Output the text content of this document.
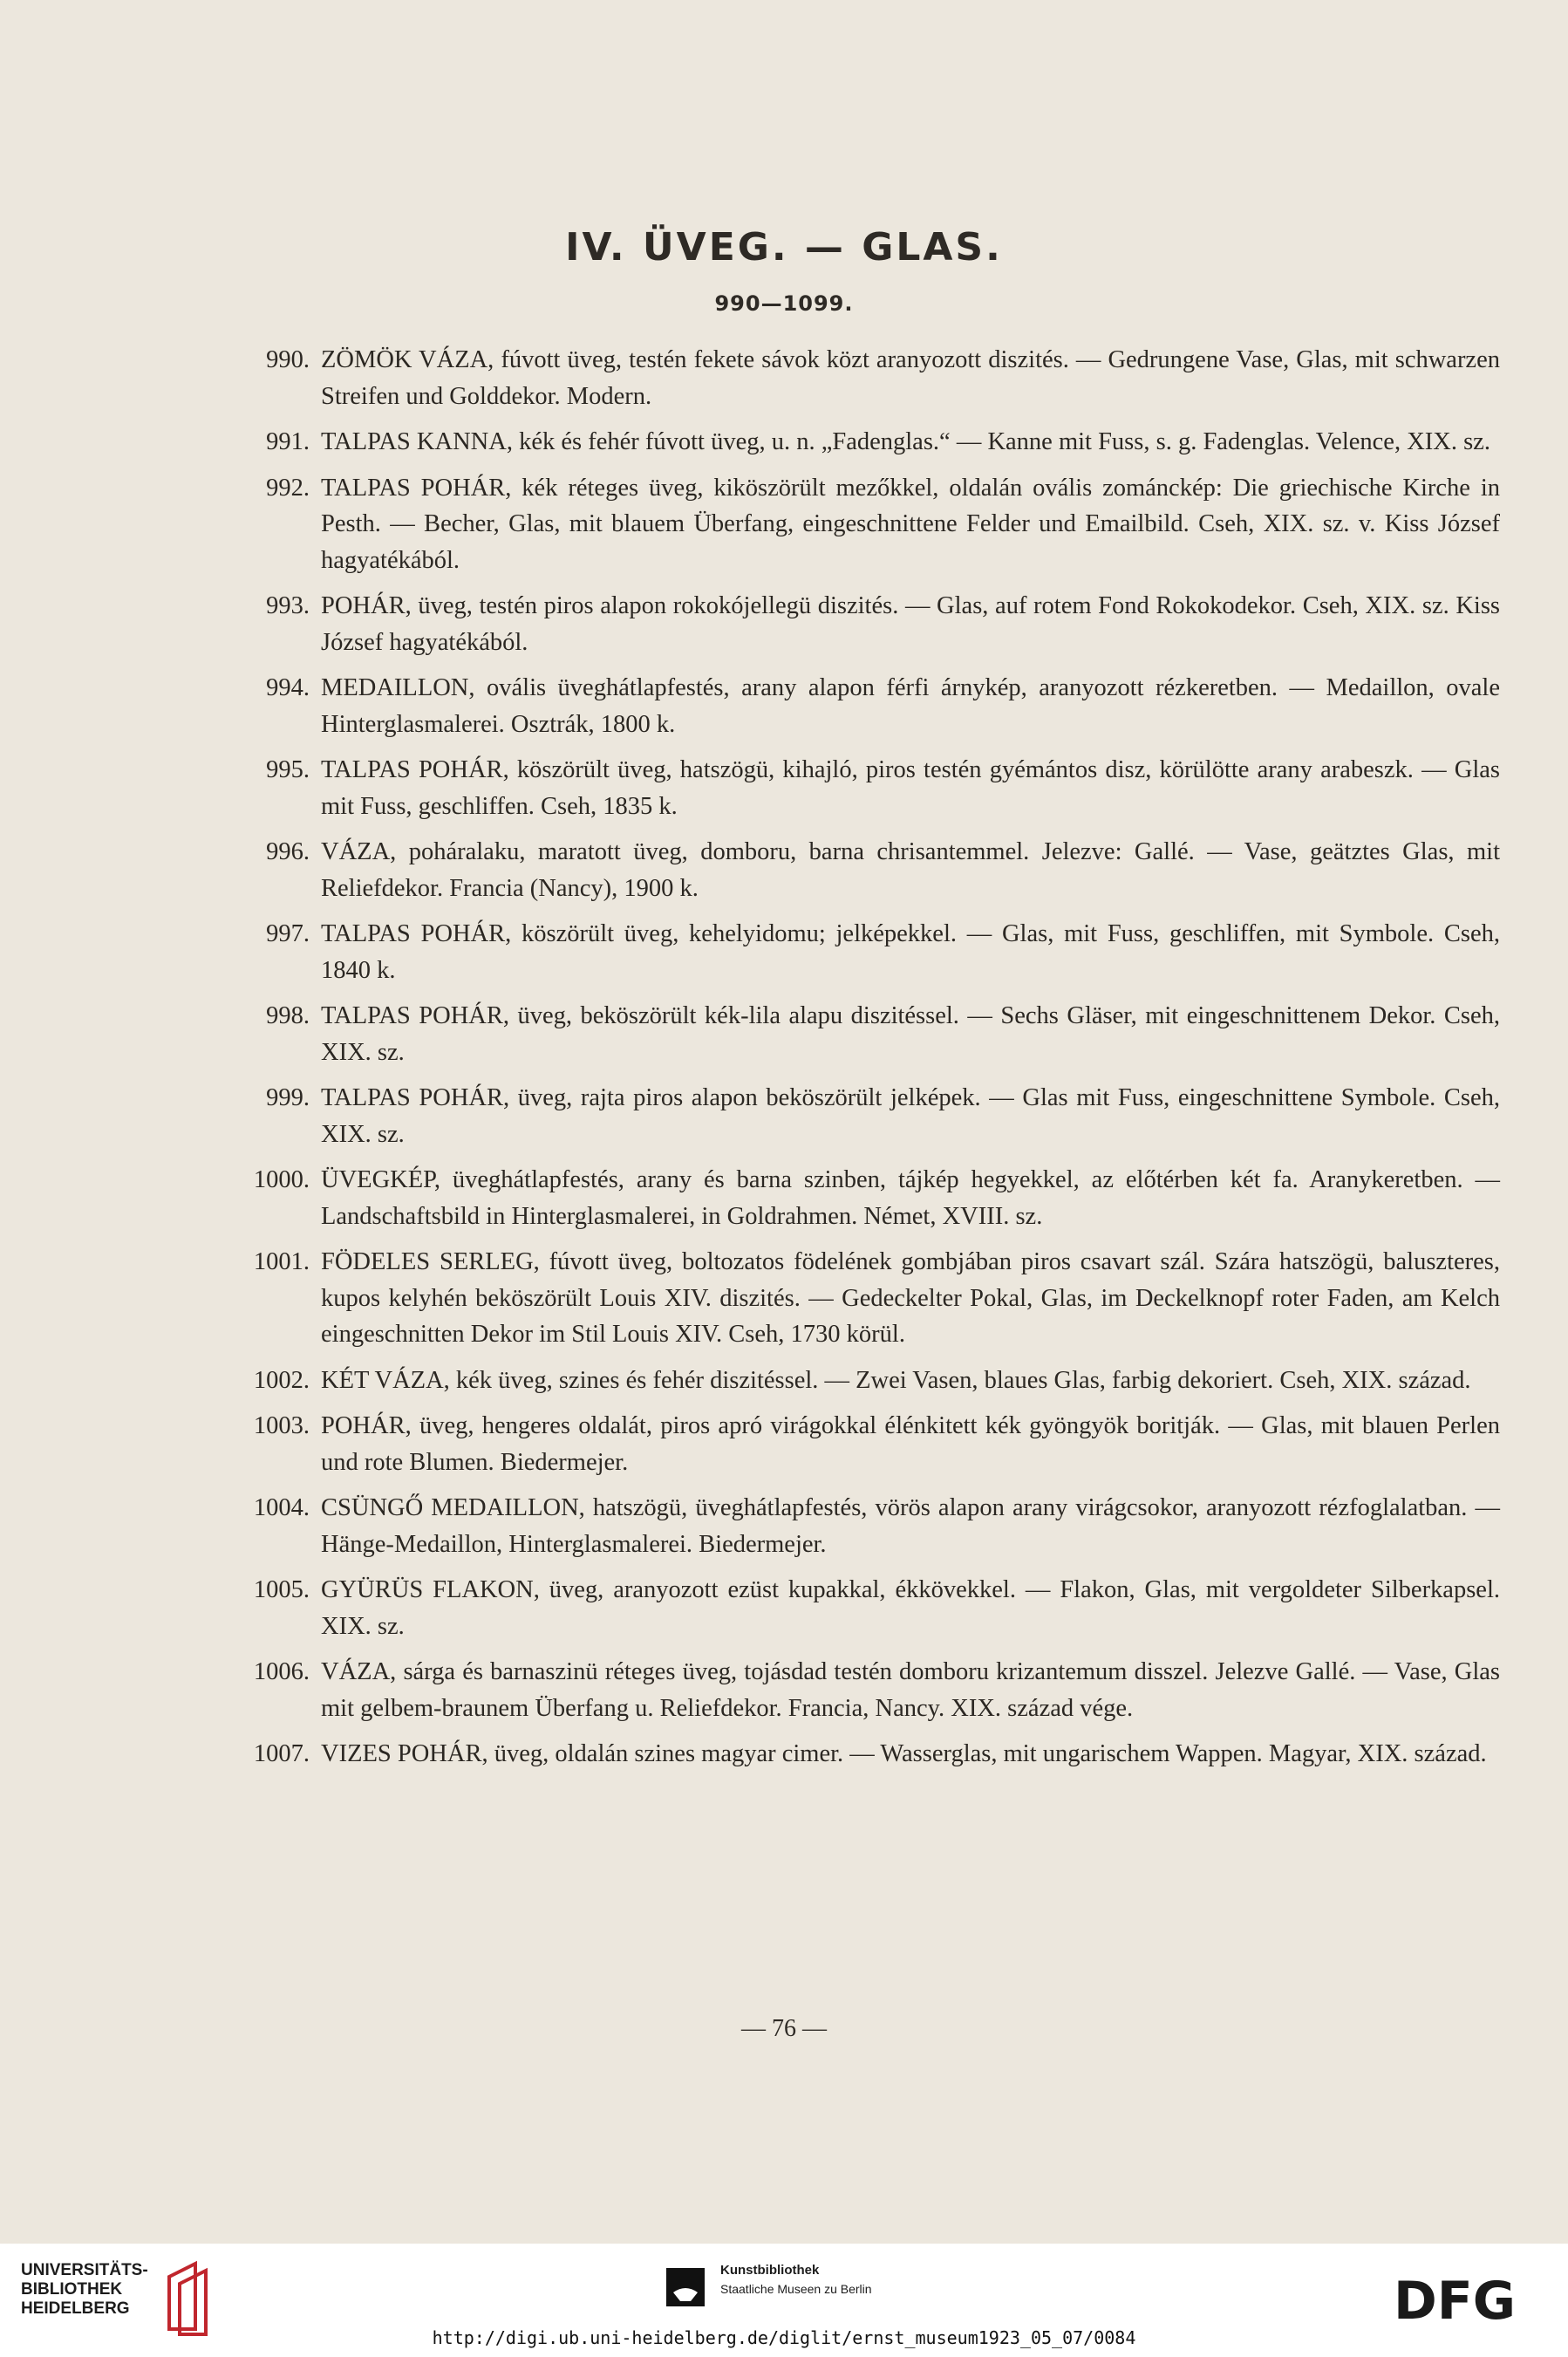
IV. ÜVEG. — GLAS.
990—1099.
990 . ZÖMÖK VÁZA, fúvott üveg, testén fekete sávok közt aranyozott diszités. — Gedrungene Vase, Glas, mit schwarzen Streifen und Golddekor. Modern.
991 . TALPAS KANNA, kék és fehér fúvott üveg, u. n. „Fadenglas.“ — Kanne mit Fuss, s. g. Fadenglas. Velence, XIX. sz.
992 . TALPAS POHÁR, kék réteges üveg, kiköszörült mezőkkel, oldalán ovális zománckép: Die griechische Kirche in Pesth. — Becher, Glas, mit blauem Überfang, eingeschnittene Felder und Emailbild. Cseh, XIX. sz. v. Kiss József hagyatékából.
993 . POHÁR, üveg, testén piros alapon rokokójellegü diszités. — Glas, auf rotem Fond Rokokodekor. Cseh, XIX. sz. Kiss József hagyatékából.
994 . MEDAILLON, ovális üveghátlapfestés, arany alapon férfi árnykép, aranyozott rézkeretben. — Medaillon, ovale Hinterglasmalerei. Osztrák, 1800 k.
995 . TALPAS POHÁR, köszörült üveg, hatszögü, kihajló, piros testén gyémántos disz, körülötte arany arabeszk. — Glas mit Fuss, geschliffen. Cseh, 1835 k.
996 . VÁZA, poháralaku, maratott üveg, domboru, barna chrisantemmel. Jelezve: Gallé. — Vase, geätztes Glas, mit Reliefdekor. Francia (Nancy), 1900 k.
997 . TALPAS POHÁR, köszörült üveg, kehelyidomu; jelképekkel. — Glas, mit Fuss, geschliffen, mit Symbole. Cseh, 1840 k.
998 . TALPAS POHÁR, üveg, beköszörült kék-lila alapu diszitéssel. — Sechs Gläser, mit eingeschnittenem Dekor. Cseh, XIX. sz.
999 . TALPAS POHÁR, üveg, rajta piros alapon beköszörült jelképek. — Glas mit Fuss, eingeschnittene Symbole. Cseh, XIX. sz.
1000 . ÜVEGKÉP, üveghátlapfestés, arany és barna szinben, tájkép hegyekkel, az előtérben két fa. Aranykeretben. — Landschaftsbild in Hinterglasmalerei, in Goldrahmen. Német, XVIII. sz.
1001 . FÖDELES SERLEG, fúvott üveg, boltozatos födelének gombjában piros csavart szál. Szára hatszögü, baluszteres, kupos kelyhén beköszörült Louis XIV. diszités. — Gedeckelter Pokal, Glas, im Deckelknopf roter Faden, am Kelch eingeschnitten Dekor im Stil Louis XIV. Cseh, 1730 körül.
1002 . KÉT VÁZA, kék üveg, szines és fehér diszitéssel. — Zwei Vasen, blaues Glas, farbig dekoriert. Cseh, XIX. század.
1003 . POHÁR, üveg, hengeres oldalát, piros apró virágokkal élénkitett kék gyöngyök boritják. — Glas, mit blauen Perlen und rote Blumen. Biedermejer.
1004 . CSÜNGŐ MEDAILLON, hatszögü, üveghátlapfestés, vörös alapon arany virágcsokor, aranyozott rézfoglalatban. — Hänge-Medaillon, Hinterglasmalerei. Biedermejer.
1005 . GYÜRÜS FLAKON, üveg, aranyozott ezüst kupakkal, ékkövekkel. — Flakon, Glas, mit vergoldeter Silberkapsel. XIX. sz.
1006 . VÁZA, sárga és barnaszinü réteges üveg, tojásdad testén domboru krizantemum disszel. Jelezve Gallé. — Vase, Glas mit gelbem-braunem Überfang u. Reliefdekor. Francia, Nancy. XIX. század vége.
1007 . VIZES POHÁR, üveg, oldalán szines magyar cimer. — Wasserglas, mit ungarischem Wappen. Magyar, XIX. század.
— 76 —
UNIVERSITÄTS-
BIBLIOTHEK
HEIDELBERG
Kunstbibliothek
Staatliche Museen zu Berlin	DFG
http://digi.ub.uni-heidelberg.de/diglit/ernst_museum1923_05_07/0084
